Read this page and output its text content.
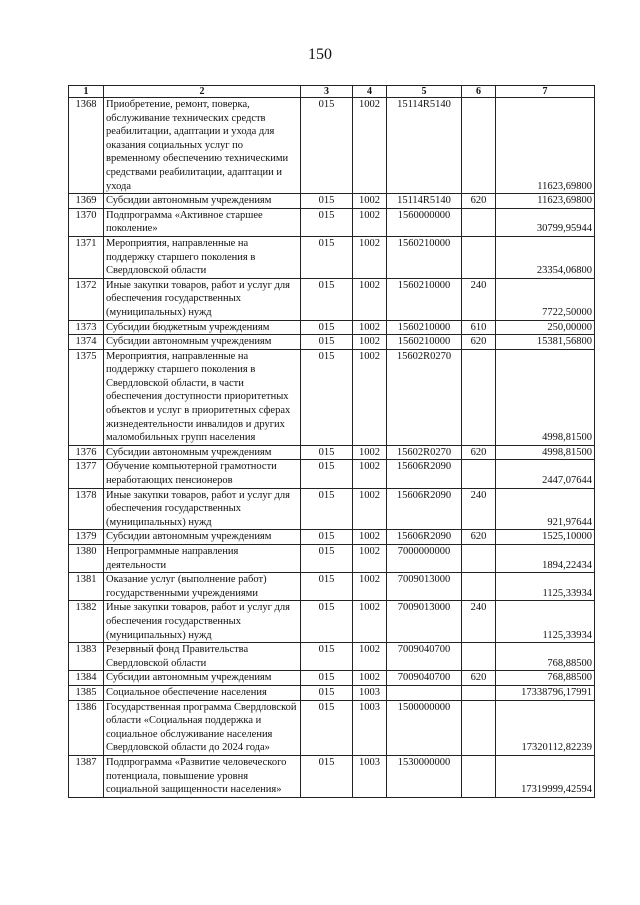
150
1	2	3	4	5	6	7
1368	Приобретение, ремонт, поверка, обслуживание технических средств реабилитации, адаптации и ухода для оказания социальных услуг по временному обеспечению техническими средствами реабилитации, адаптации и ухода	015	1002	15114R5140		11623,69800
1369	Субсидии автономным учреждениям	015	1002	15114R5140	620	11623,69800
1370	Подпрограмма «Активное старшее поколение»	015	1002	1560000000		30799,95944
1371	Мероприятия, направленные на поддержку старшего поколения в Свердловской области	015	1002	1560210000		23354,06800
1372	Иные закупки товаров, работ и услуг для обеспечения государственных (муниципальных) нужд	015	1002	1560210000	240	7722,50000
1373	Субсидии бюджетным учреждениям	015	1002	1560210000	610	250,00000
1374	Субсидии автономным учреждениям	015	1002	1560210000	620	15381,56800
1375	Мероприятия, направленные на поддержку старшего поколения в Свердловской области, в части обеспечения доступности приоритетных объектов и услуг в приоритетных сферах жизнедеятельности инвалидов и других маломобильных групп населения	015	1002	15602R0270		4998,81500
1376	Субсидии автономным учреждениям	015	1002	15602R0270	620	4998,81500
1377	Обучение компьютерной грамотности неработающих пенсионеров	015	1002	15606R2090		2447,07644
1378	Иные закупки товаров, работ и услуг для обеспечения государственных (муниципальных) нужд	015	1002	15606R2090	240	921,97644
1379	Субсидии автономным учреждениям	015	1002	15606R2090	620	1525,10000
1380	Непрограммные направления деятельности	015	1002	7000000000		1894,22434
1381	Оказание услуг (выполнение работ) государственными учреждениями	015	1002	7009013000		1125,33934
1382	Иные закупки товаров, работ и услуг для обеспечения государственных (муниципальных) нужд	015	1002	7009013000	240	1125,33934
1383	Резервный фонд Правительства Свердловской области	015	1002	7009040700		768,88500
1384	Субсидии автономным учреждениям	015	1002	7009040700	620	768,88500
1385	Социальное обеспечение населения	015	1003			17338796,17991
1386	Государственная программа Свердловской области «Социальная поддержка и социальное обслуживание населения Свердловской области до 2024 года»	015	1003	1500000000		17320112,82239
1387	Подпрограмма «Развитие человеческого потенциала, повышение уровня социальной защищенности населения»	015	1003	1530000000		17319999,42594
